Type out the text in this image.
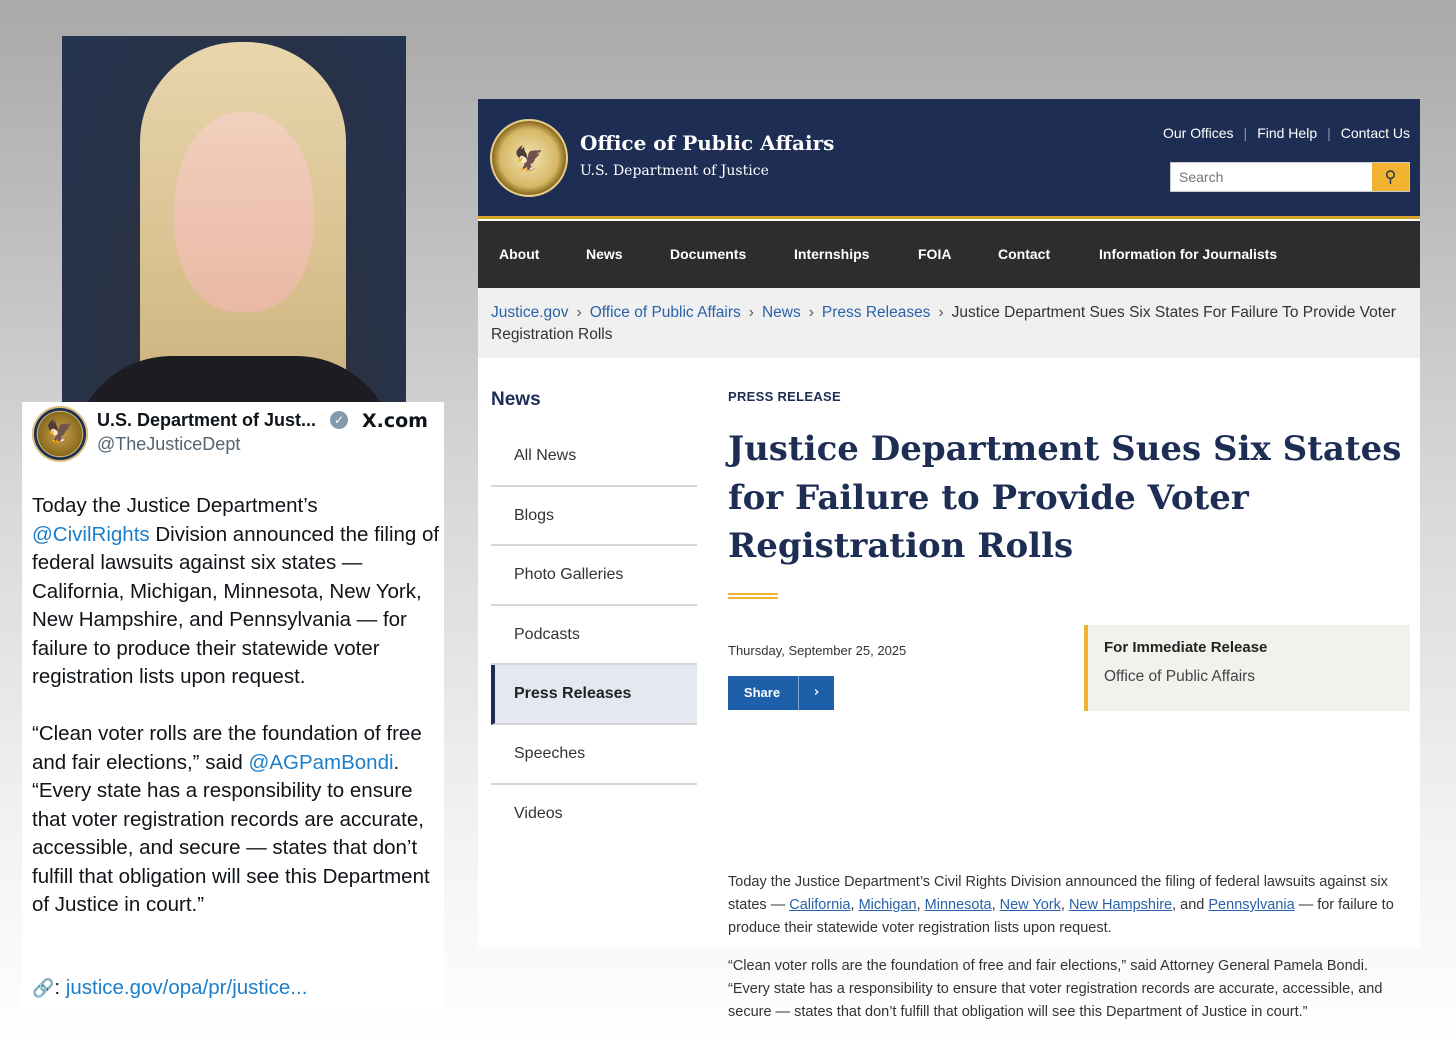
🦅
U.S. Department of Just...	✓ X.com
@TheJusticeDept

Today the Justice Department’s @CivilRights Division announced the filing of federal lawsuits against six states — California, Michigan, Minnesota, New York, New Hampshire, and Pennsylvania — for failure to produce their statewide voter registration lists upon request.

“Clean voter rolls are the foundation of free and fair elections,” said @AGPamBondi. “Every state has a responsibility to ensure that voter registration records are accurate, accessible, and secure — states that don’t fulfill that obligation will see this Department of Justice in court.”

🔗: justice.gov/opa/pr/justice...
🦅
Office of Public Affairs
U.S. Department of Justice
Our Offices | Find Help | Contact Us
Search
⚲
About	News	Documents	Internships	FOIA	Contact	Information for Journalists
Justice.gov › Office of Public Affairs › News › Press Releases › Justice Department Sues Six States For Failure To Provide Voter Registration Rolls
News
All News
Blogs
Photo Galleries
Podcasts
Press Releases
Speeches
Videos
PRESS RELEASE
Justice Department Sues Six States for Failure to Provide Voter Registration Rolls
Thursday, September 25, 2025
Share	›
For Immediate Release
Office of Public Affairs
Today the Justice Department’s Civil Rights Division announced the filing of federal lawsuits against six states — California, Michigan, Minnesota, New York, New Hampshire, and Pennsylvania — for failure to produce their statewide voter registration lists upon request.
“Clean voter rolls are the foundation of free and fair elections,” said Attorney General Pamela Bondi. “Every state has a responsibility to ensure that voter registration records are accurate, accessible, and secure — states that don’t fulfill that obligation will see this Department of Justice in court.”
